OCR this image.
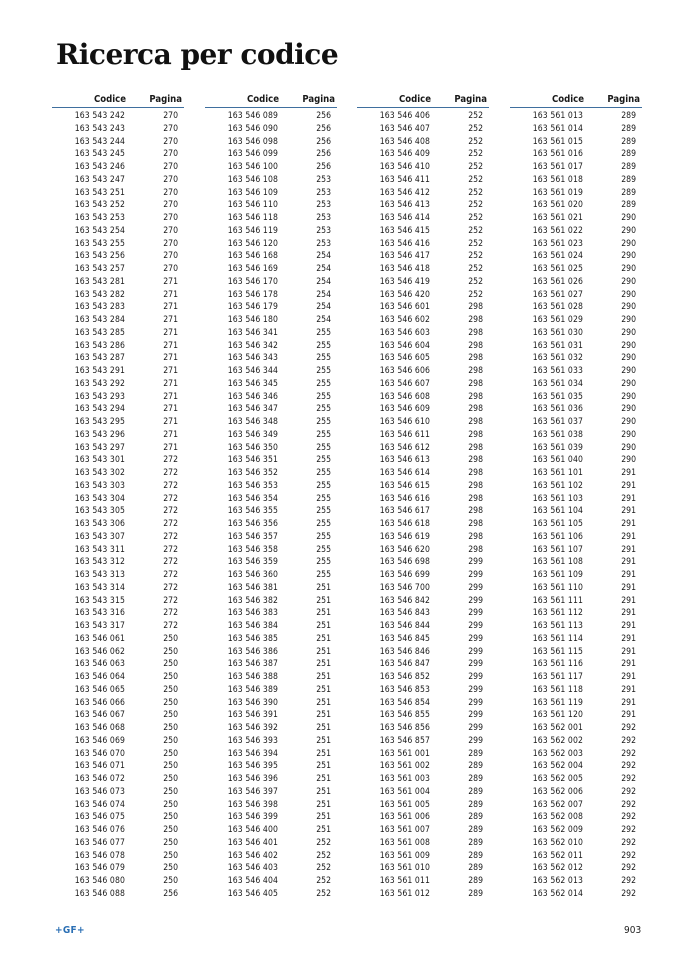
Ricerca per codice
Codice Pagina
163 543 242	270
163 543 243	270
163 543 244	270
163 543 245	270
163 543 246	270
163 543 247	270
163 543 251	270
163 543 252	270
163 543 253	270
163 543 254	270
163 543 255	270
163 543 256	270
163 543 257	270
163 543 281	271
163 543 282	271
163 543 283	271
163 543 284	271
163 543 285	271
163 543 286	271
163 543 287	271
163 543 291	271
163 543 292	271
163 543 293	271
163 543 294	271
163 543 295	271
163 543 296	271
163 543 297	271
163 543 301	272
163 543 302	272
163 543 303	272
163 543 304	272
163 543 305	272
163 543 306	272
163 543 307	272
163 543 311	272
163 543 312	272
163 543 313	272
163 543 314	272
163 543 315	272
163 543 316	272
163 543 317	272
163 546 061	250
163 546 062	250
163 546 063	250
163 546 064	250
163 546 065	250
163 546 066	250
163 546 067	250
163 546 068	250
163 546 069	250
163 546 070	250
163 546 071	250
163 546 072	250
163 546 073	250
163 546 074	250
163 546 075	250
163 546 076	250
163 546 077	250
163 546 078	250
163 546 079	250
163 546 080	250
163 546 088	256
Codice Pagina
163 546 089	256
163 546 090	256
163 546 098	256
163 546 099	256
163 546 100	256
163 546 108	253
163 546 109	253
163 546 110	253
163 546 118	253
163 546 119	253
163 546 120	253
163 546 168	254
163 546 169	254
163 546 170	254
163 546 178	254
163 546 179	254
163 546 180	254
163 546 341	255
163 546 342	255
163 546 343	255
163 546 344	255
163 546 345	255
163 546 346	255
163 546 347	255
163 546 348	255
163 546 349	255
163 546 350	255
163 546 351	255
163 546 352	255
163 546 353	255
163 546 354	255
163 546 355	255
163 546 356	255
163 546 357	255
163 546 358	255
163 546 359	255
163 546 360	255
163 546 381	251
163 546 382	251
163 546 383	251
163 546 384	251
163 546 385	251
163 546 386	251
163 546 387	251
163 546 388	251
163 546 389	251
163 546 390	251
163 546 391	251
163 546 392	251
163 546 393	251
163 546 394	251
163 546 395	251
163 546 396	251
163 546 397	251
163 546 398	251
163 546 399	251
163 546 400	251
163 546 401	252
163 546 402	252
163 546 403	252
163 546 404	252
163 546 405	252
Codice Pagina
163 546 406	252
163 546 407	252
163 546 408	252
163 546 409	252
163 546 410	252
163 546 411	252
163 546 412	252
163 546 413	252
163 546 414	252
163 546 415	252
163 546 416	252
163 546 417	252
163 546 418	252
163 546 419	252
163 546 420	252
163 546 601	298
163 546 602	298
163 546 603	298
163 546 604	298
163 546 605	298
163 546 606	298
163 546 607	298
163 546 608	298
163 546 609	298
163 546 610	298
163 546 611	298
163 546 612	298
163 546 613	298
163 546 614	298
163 546 615	298
163 546 616	298
163 546 617	298
163 546 618	298
163 546 619	298
163 546 620	298
163 546 698	299
163 546 699	299
163 546 700	299
163 546 842	299
163 546 843	299
163 546 844	299
163 546 845	299
163 546 846	299
163 546 847	299
163 546 852	299
163 546 853	299
163 546 854	299
163 546 855	299
163 546 856	299
163 546 857	299
163 561 001	289
163 561 002	289
163 561 003	289
163 561 004	289
163 561 005	289
163 561 006	289
163 561 007	289
163 561 008	289
163 561 009	289
163 561 010	289
163 561 011	289
163 561 012	289
Codice Pagina
163 561 013	289
163 561 014	289
163 561 015	289
163 561 016	289
163 561 017	289
163 561 018	289
163 561 019	289
163 561 020	289
163 561 021	290
163 561 022	290
163 561 023	290
163 561 024	290
163 561 025	290
163 561 026	290
163 561 027	290
163 561 028	290
163 561 029	290
163 561 030	290
163 561 031	290
163 561 032	290
163 561 033	290
163 561 034	290
163 561 035	290
163 561 036	290
163 561 037	290
163 561 038	290
163 561 039	290
163 561 040	290
163 561 101	291
163 561 102	291
163 561 103	291
163 561 104	291
163 561 105	291
163 561 106	291
163 561 107	291
163 561 108	291
163 561 109	291
163 561 110	291
163 561 111	291
163 561 112	291
163 561 113	291
163 561 114	291
163 561 115	291
163 561 116	291
163 561 117	291
163 561 118	291
163 561 119	291
163 561 120	291
163 562 001	292
163 562 002	292
163 562 003	292
163 562 004	292
163 562 005	292
163 562 006	292
163 562 007	292
163 562 008	292
163 562 009	292
163 562 010	292
163 562 011	292
163 562 012	292
163 562 013	292
163 562 014	292
+GF+	903
